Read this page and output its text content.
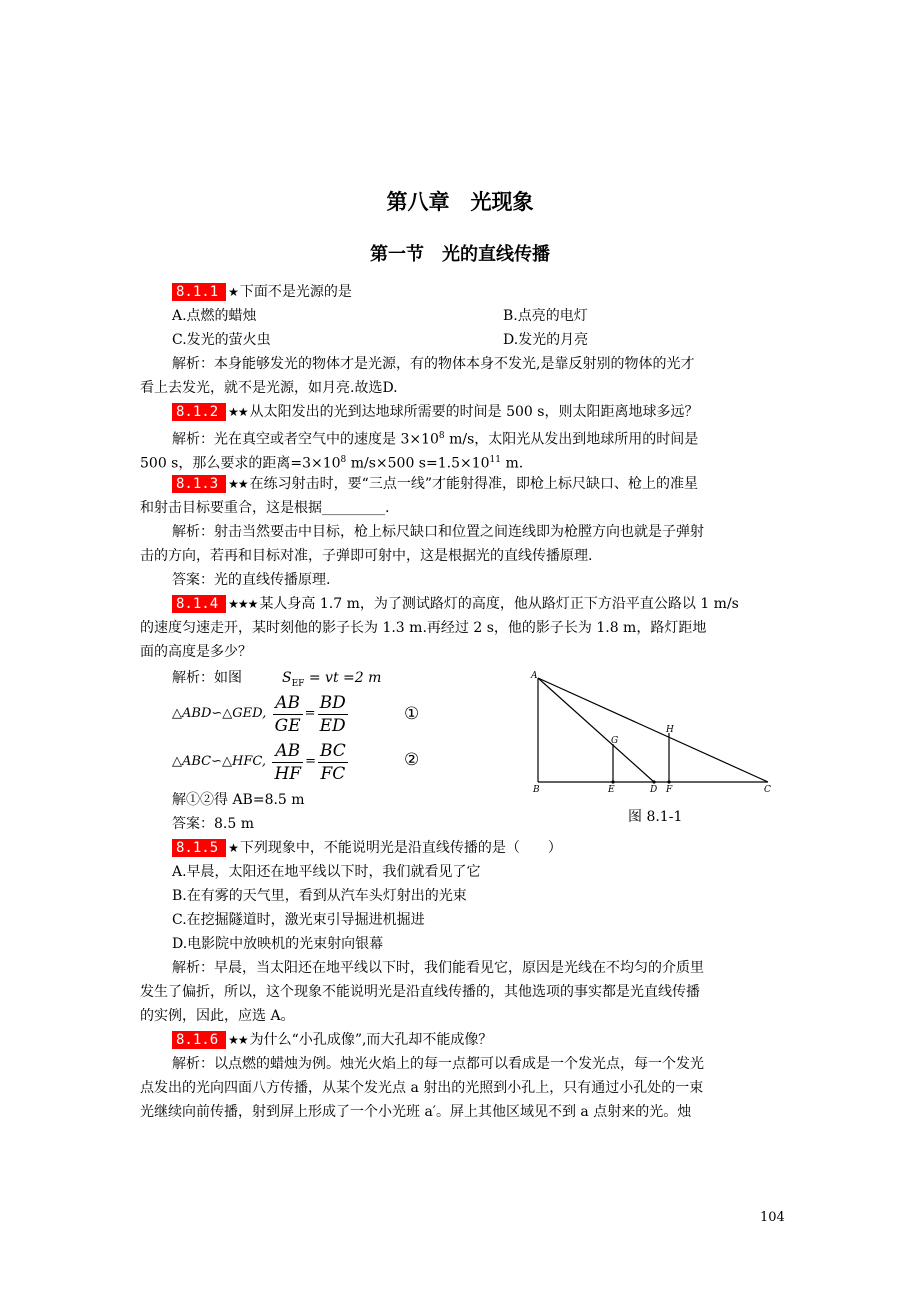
第八章　光现象
第一节　光的直线传播
8.1.1 ★ 下面不是光源的是
A.点燃的蜡烛	B.点亮的电灯
C.发光的萤火虫	D.发光的月亮
解析：本身能够发光的物体才是光源，有的物体本身不发光,是靠反射别的物体的光才
看上去发光，就不是光源，如月亮.故选D.
8.1.2 ★★ 从太阳发出的光到达地球所需要的时间是 500 s，则太阳距离地球多远？
解析：光在真空或者空气中的速度是 $3\times 10^8$ m/s，太阳光从发出到地球所用的时间是
500 s，那么要求的距离$=3\times 10^8$ m/s×500 $s=1.5\times 10^{11}$ m.
8.1.3 ★★ 在练习射击时，要“三点一线”才能射得准，即枪上标尺缺口、枪上的准星
和射击目标要重合，这是根据_________.
解析：射击当然要击中目标，枪上标尺缺口和位置之间连线即为枪膛方向也就是子弹射
击的方向，若再和目标对准，子弹即可射中，这是根据光的直线传播原理.
答案：光的直线传播原理.
8.1.4 ★★★ 某人身高 1.7 m，为了测试路灯的高度，他从路灯正下方沿平直公路以 1 m/s
的速度匀速走开，某时刻他的影子长为 1.3 m.再经过 2 s，他的影子长为 1.8 m，路灯距地
面的高度是多少？
解析：如图	$S_{EF}$ = vt =2 m
△ABD∽△GED, $\frac{AB}{GE} = \frac{BD}{ED}$	①
△ABC∽△HFC, $\frac{AB}{HF} = \frac{BC}{FC}$	②
解①②得 AB=8.5 m
答案：8.5 m
A
B	C
D
E	F
G
H
图 8.1-1
8.1.5 ★ 下列现象中，不能说明光是沿直线传播的是（　　）
A.早晨，太阳还在地平线以下时，我们就看见了它
B.在有雾的天气里，看到从汽车头灯射出的光束
C.在挖掘隧道时，激光束引导掘进机掘进
D.电影院中放映机的光束射向银幕
解析：早晨，当太阳还在地平线以下时，我们能看见它，原因是光线在不均匀的介质里
发生了偏折，所以，这个现象不能说明光是沿直线传播的，其他选项的事实都是光直线传播
的实例，因此，应选 A。
8.1.6 ★★ 为什么“小孔成像”,而大孔却不能成像？
解析：以点燃的蜡烛为例。烛光火焰上的每一点都可以看成是一个发光点，每一个发光
点发出的光向四面八方传播，从某个发光点 a 射出的光照到小孔上，只有通过小孔处的一束
光继续向前传播，射到屏上形成了一个小光班 a′。屏上其他区域见不到 a 点射来的光。烛
104
